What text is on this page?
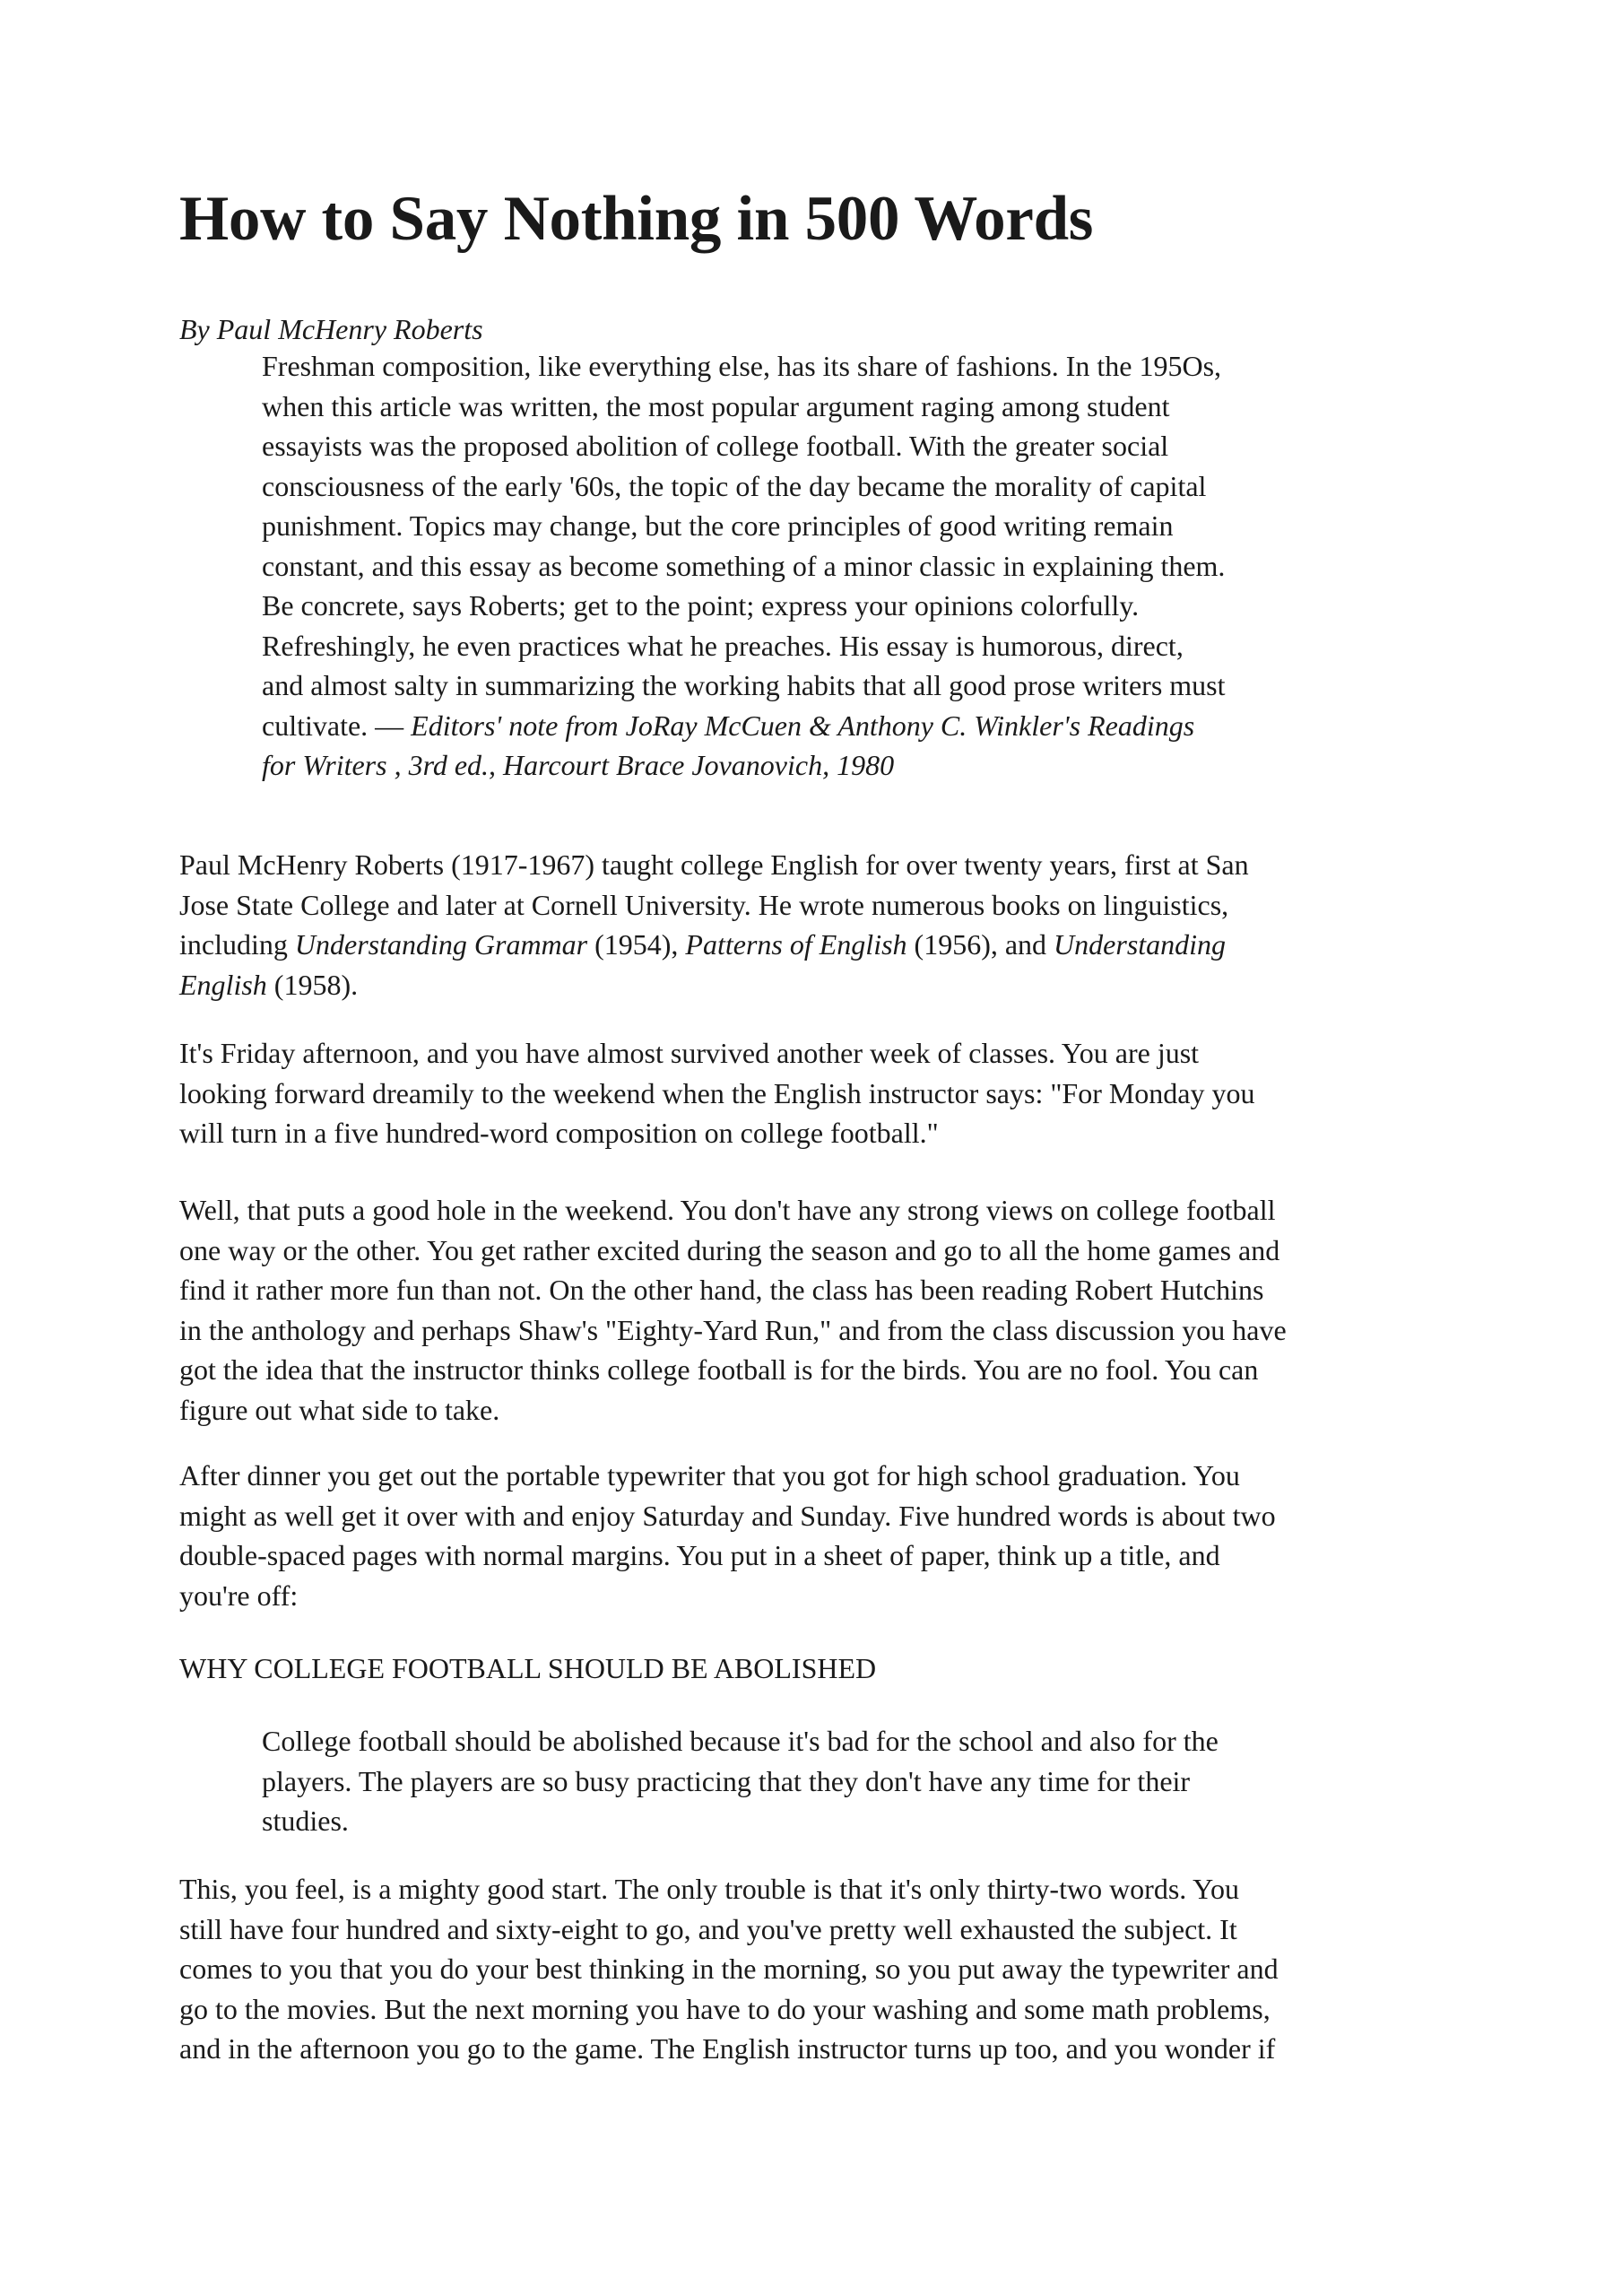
How to Say Nothing in 500 Words

By Paul McHenry Roberts

Freshman composition, like everything else, has its share of fashions. In the 195Os,
when this article was written, the most popular argument raging among student
essayists was the proposed abolition of college football. With the greater social
consciousness of the early '60s, the topic of the day became the morality of capital
punishment. Topics may change, but the core principles of good writing remain
constant, and this essay as become something of a minor classic in explaining them.
Be concrete, says Roberts; get to the point; express your opinions colorfully.
Refreshingly, he even practices what he preaches. His essay is humorous, direct,
and almost salty in summarizing the working habits that all good prose writers must
cultivate. — Editors' note from JoRay McCuen & Anthony C. Winkler's Readings
for Writers , 3rd ed., Harcourt Brace Jovanovich, 1980
Paul McHenry Roberts (1917-1967) taught college English for over twenty years, first at San
Jose State College and later at Cornell University. He wrote numerous books on linguistics,
including Understanding Grammar (1954), Patterns of English (1956), and Understanding
English (1958).
It's Friday afternoon, and you have almost survived another week of classes. You are just
looking forward dreamily to the weekend when the English instructor says: "For Monday you
will turn in a five hundred-word composition on college football."
Well, that puts a good hole in the weekend. You don't have any strong views on college football
one way or the other. You get rather excited during the season and go to all the home games and
find it rather more fun than not. On the other hand, the class has been reading Robert Hutchins
in the anthology and perhaps Shaw's "Eighty-Yard Run," and from the class discussion you have
got the idea that the instructor thinks college football is for the birds. You are no fool. You can
figure out what side to take.
After dinner you get out the portable typewriter that you got for high school graduation. You
might as well get it over with and enjoy Saturday and Sunday. Five hundred words is about two
double-spaced pages with normal margins. You put in a sheet of paper, think up a title, and
you're off:
WHY COLLEGE FOOTBALL SHOULD BE ABOLISHED
College football should be abolished because it's bad for the school and also for the
players. The players are so busy practicing that they don't have any time for their
studies.
This, you feel, is a mighty good start. The only trouble is that it's only thirty-two words. You
still have four hundred and sixty-eight to go, and you've pretty well exhausted the subject. It
comes to you that you do your best thinking in the morning, so you put away the typewriter and
go to the movies. But the next morning you have to do your washing and some math problems,
and in the afternoon you go to the game. The English instructor turns up too, and you wonder if
